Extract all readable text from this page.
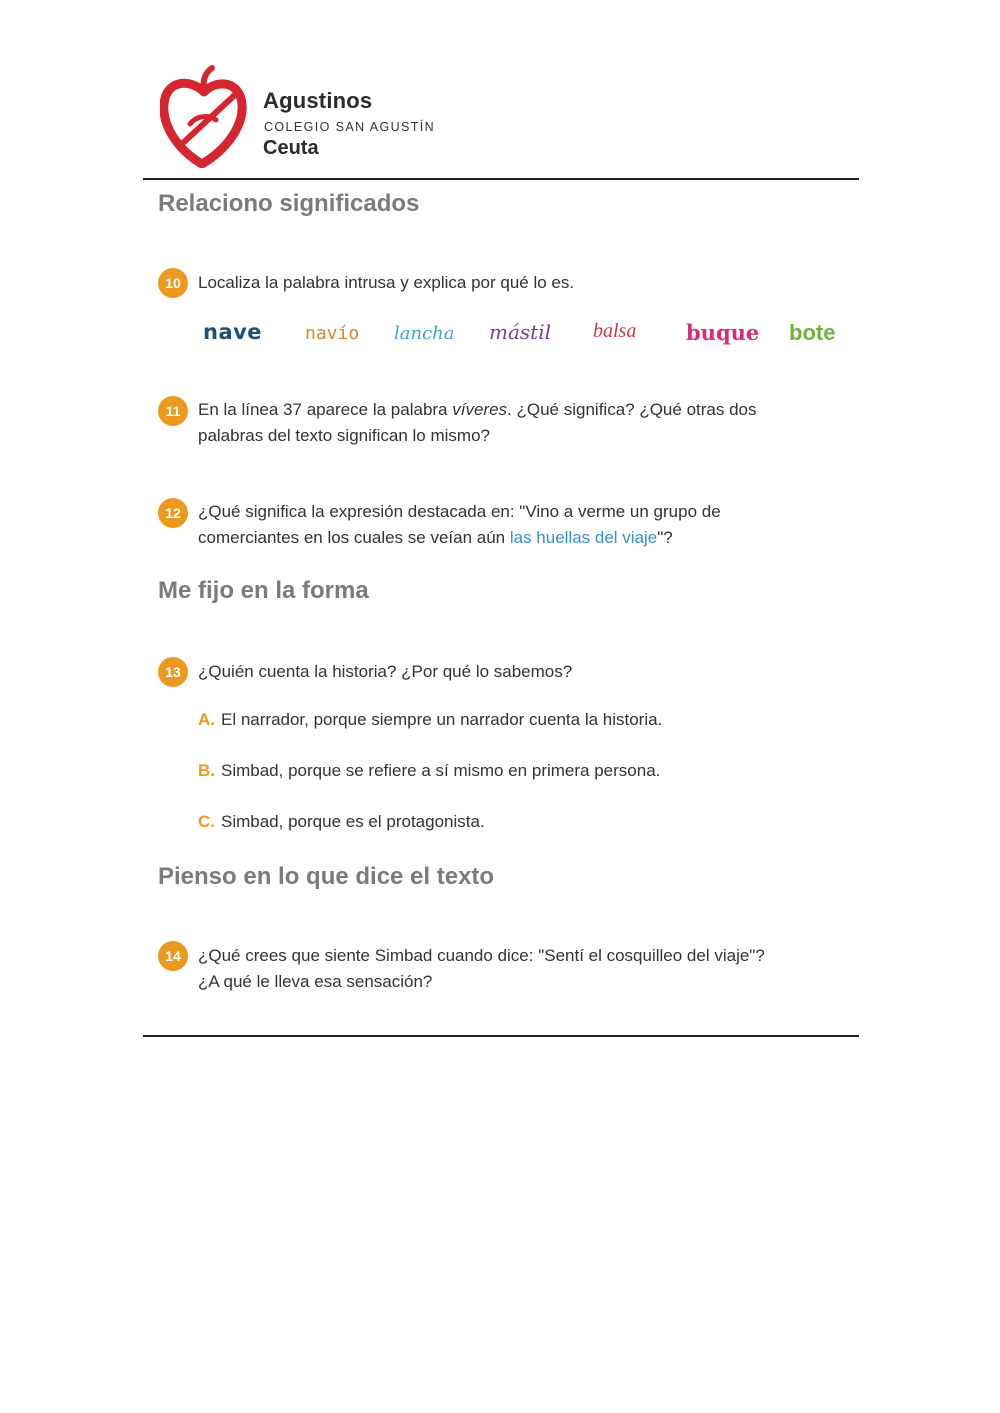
Agustinos
COLEGIO SAN AGUSTÍN
Ceuta
Relaciono significados
10	Localiza la palabra intrusa y explica por qué lo es.
nave navío lancha mástil balsa buque bote
11	En la línea 37 aparece la palabra víveres. ¿Qué significa? ¿Qué otras dos
palabras del texto significan lo mismo?
12	¿Qué significa la expresión destacada en: "Vino a verme un grupo de
comerciantes en los cuales se veían aún las huellas del viaje"?
Me fijo en la forma
13	¿Quién cuenta la historia? ¿Por qué lo sabemos?
A. El narrador, porque siempre un narrador cuenta la historia.
B. Simbad, porque se refiere a sí mismo en primera persona.
C. Simbad, porque es el protagonista.
Pienso en lo que dice el texto
14	¿Qué crees que siente Simbad cuando dice: "Sentí el cosquilleo del viaje"?
¿A qué le lleva esa sensación?
